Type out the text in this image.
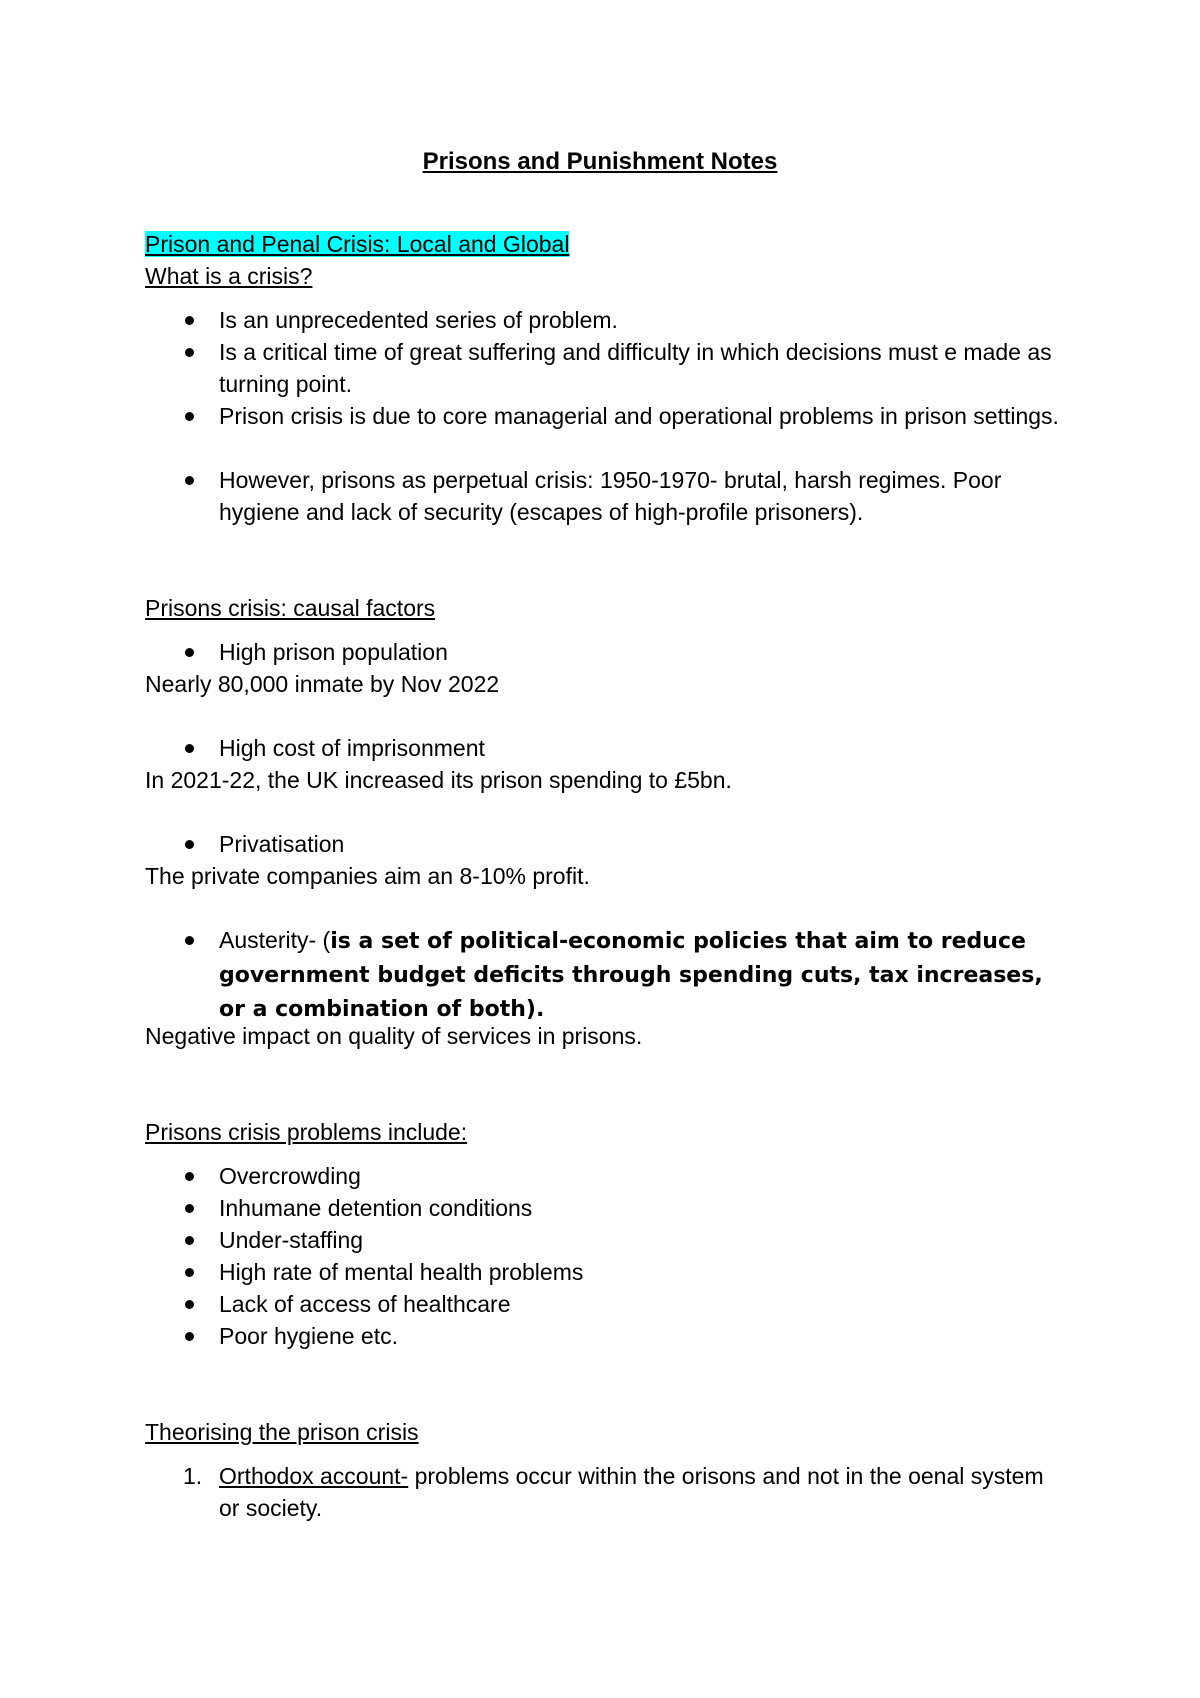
Prisons and Punishment Notes
Prison and Penal Crisis: Local and Global
What is a crisis?
Is an unprecedented series of problem.
Is a critical time of great suffering and difficulty in which decisions must e made as turning point.
Prison crisis is due to core managerial and operational problems in prison settings.
However, prisons as perpetual crisis: 1950-1970- brutal, harsh regimes. Poor hygiene and lack of security (escapes of high-profile prisoners).
Prisons crisis: causal factors
High prison population
Nearly 80,000 inmate by Nov 2022
High cost of imprisonment
In 2021-22, the UK increased its prison spending to £5bn.
Privatisation
The private companies aim an 8-10% profit.
Austerity- (is a set of political-economic policies that aim to reduce government budget deficits through spending cuts, tax increases, or a combination of both).
Negative impact on quality of services in prisons.
Prisons crisis problems include:
Overcrowding
Inhumane detention conditions
Under-staffing
High rate of mental health problems
Lack of access of healthcare
Poor hygiene etc.
Theorising the prison crisis
1. Orthodox account- problems occur within the orisons and not in the oenal system or society.
